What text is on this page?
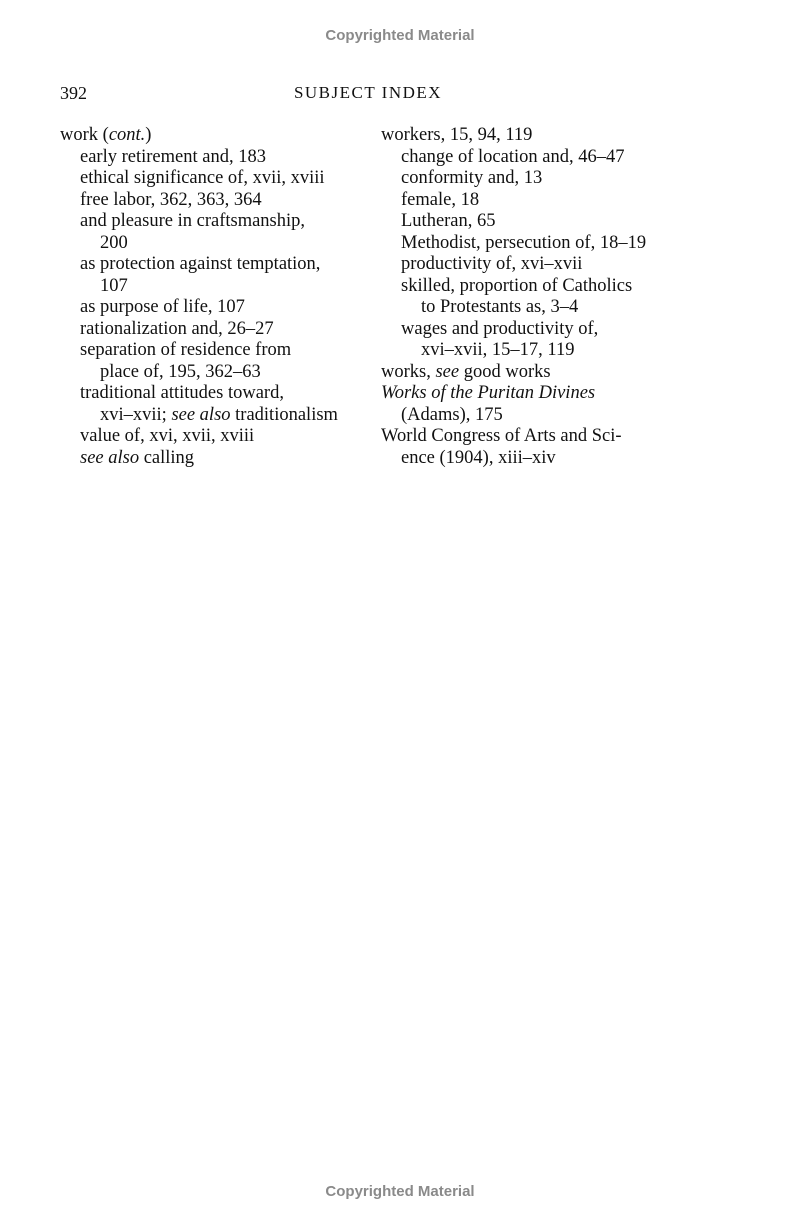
Copyrighted Material
392	SUBJECT INDEX
work (cont.)
early retirement and, 183
ethical significance of, xvii, xviii
free labor, 362, 363, 364
and pleasure in craftsmanship,
200
as protection against temptation,
107
as purpose of life, 107
rationalization and, 26–27
separation of residence from
place of, 195, 362–63
traditional attitudes toward,
xvi–xvii; see also traditionalism
value of, xvi, xvii, xviii
see also calling
workers, 15, 94, 119
change of location and, 46–47
conformity and, 13
female, 18
Lutheran, 65
Methodist, persecution of, 18–19
productivity of, xvi–xvii
skilled, proportion of Catholics
to Protestants as, 3–4
wages and productivity of,
xvi–xvii, 15–17, 119
works, see good works
Works of the Puritan Divines
(Adams), 175
World Congress of Arts and Sci-
ence (1904), xiii–xiv
Copyrighted Material
